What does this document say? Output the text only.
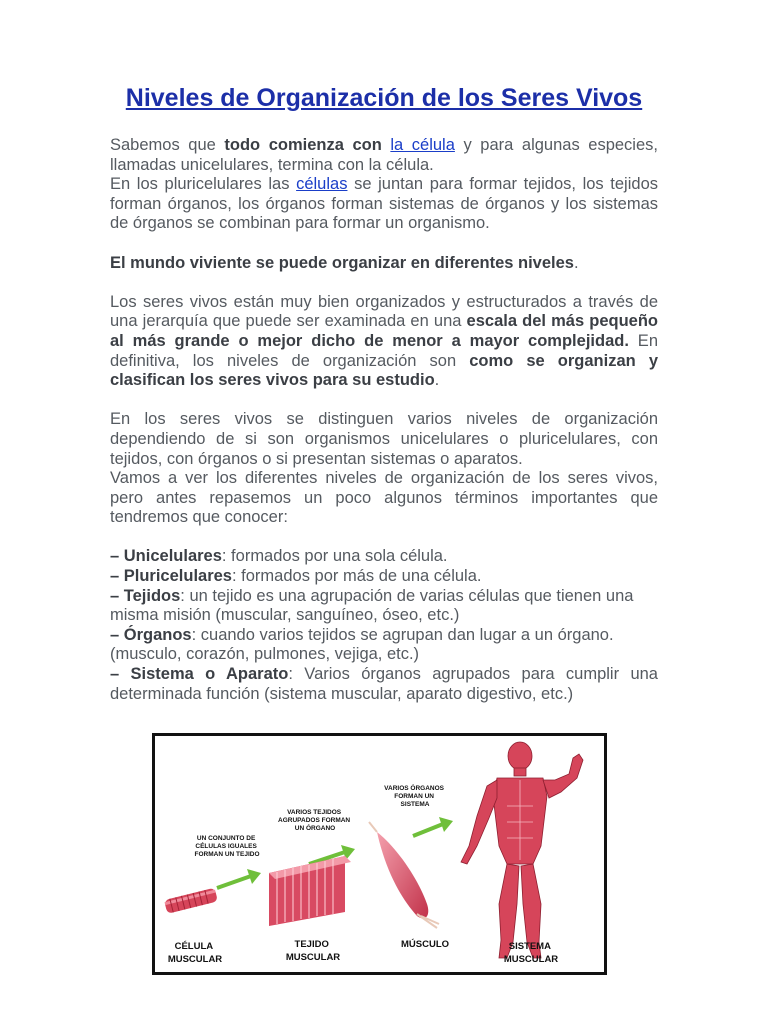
Niveles de Organización de los Seres Vivos

Sabemos que todo comienza con la célula y para algunas especies, llamadas unicelulares, termina con la célula.

En los pluricelulares las células se juntan para formar tejidos, los tejidos forman órganos, los órganos forman sistemas de órganos y los sistemas de órganos se combinan para formar un organismo.

El mundo viviente se puede organizar en diferentes niveles.

Los seres vivos están muy bien organizados y estructurados a través de una jerarquía que puede ser examinada en una escala del más pequeño al más grande o mejor dicho de menor a mayor complejidad. En definitiva, los niveles de organización son como se organizan y clasifican los seres vivos para su estudio.

En los seres vivos se distinguen varios niveles de organización dependiendo de si son organismos unicelulares o pluricelulares, con tejidos, con órganos o si presentan sistemas o aparatos.

Vamos a ver los diferentes niveles de organización de los seres vivos, pero antes repasemos un poco algunos términos importantes que tendremos que conocer:

– Unicelulares: formados por una sola célula.

– Pluricelulares: formados por más de una célula.

– Tejidos: un tejido es una agrupación de varias células que tienen una misma misión (muscular, sanguíneo, óseo, etc.)

– Órganos: cuando varios tejidos se agrupan dan lugar a un órgano. (musculo, corazón, pulmones, vejiga, etc.)

– Sistema o Aparato: Varios órganos agrupados para cumplir una determinada función (sistema muscular, aparato digestivo, etc.)

UN CONJUNTO DE CÉLULAS IGUALES FORMAN UN TEJIDO
VARIOS TEJIDOS AGRUPADOS FORMAN UN ÓRGANO
VARIOS ÓRGANOS FORMAN UN SISTEMA
CÉLULA MUSCULAR
TEJIDO MUSCULAR
MÚSCULO	SISTEMA MUSCULAR
